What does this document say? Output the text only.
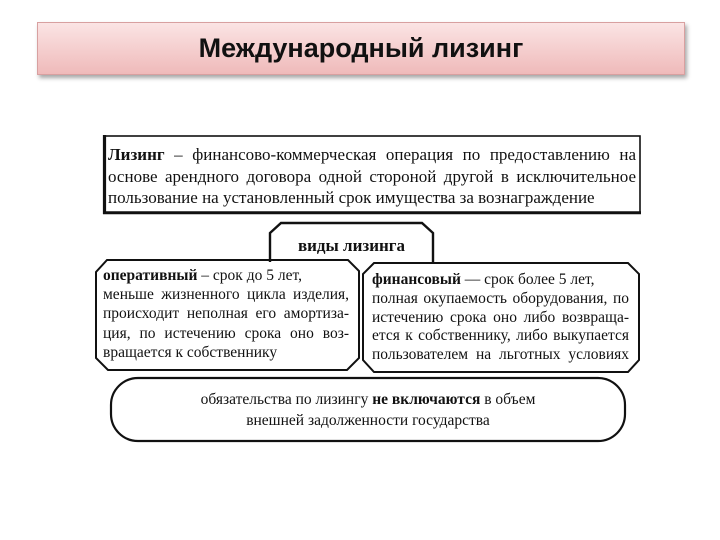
Международный лизинг
Лизинг – финансово-коммерческая операция по предоставлению на
основе арендного договора одной стороной другой в исключительное
пользование на установленный срок имущества за вознаграждение
виды лизинга
оперативный – срок до 5 лет,
меньше жизненного цикла изделия,
происходит неполная его амортиза-
ция, по истечению срока оно воз-
вращается к собственнику
финансовый — срок более 5 лет,
полная окупаемость оборудования, по
истечению срока оно либо возвраща-
ется к собственнику, либо выкупается
пользователем на льготных условиях
обязательства по лизингу не включаются в объем
внешней задолженности государства
